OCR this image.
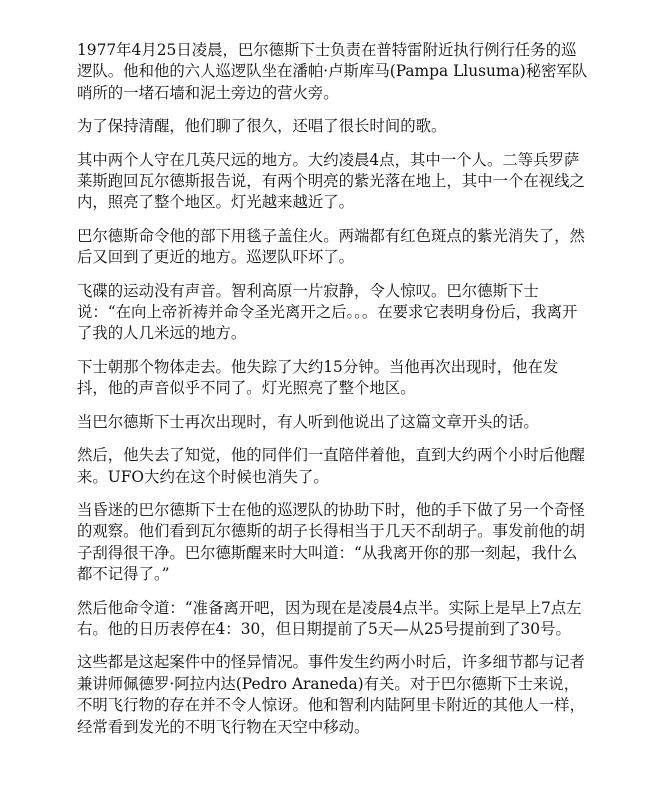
1977年4月25日凌晨，巴尔德斯下士负责在普特雷附近执行例行任务的巡逻队。他和他的六人巡逻队坐在潘帕·卢斯库马(Pampa Llusuma)秘密军队哨所的一堵石墙和泥土旁边的营火旁。

为了保持清醒，他们聊了很久，还唱了很长时间的歌。

其中两个人守在几英尺远的地方。大约凌晨4点，其中一个人。二等兵罗萨莱斯跑回瓦尔德斯报告说，有两个明亮的紫光落在地上，其中一个在视线之内，照亮了整个地区。灯光越来越近了。

巴尔德斯命令他的部下用毯子盖住火。两端都有红色斑点的紫光消失了，然后又回到了更近的地方。巡逻队吓坏了。

飞碟的运动没有声音。智利高原一片寂静，令人惊叹。巴尔德斯下士说：“在向上帝祈祷并命令圣光离开之后。。。在要求它表明身份后，我离开了我的人几米远的地方。

下士朝那个物体走去。他失踪了大约15分钟。当他再次出现时，他在发抖，他的声音似乎不同了。灯光照亮了整个地区。

当巴尔德斯下士再次出现时，有人听到他说出了这篇文章开头的话。

然后，他失去了知觉，他的同伴们一直陪伴着他，直到大约两个小时后他醒来。UFO大约在这个时候也消失了。

当昏迷的巴尔德斯下士在他的巡逻队的协助下时，他的手下做了另一个奇怪的观察。他们看到瓦尔德斯的胡子长得相当于几天不刮胡子。事发前他的胡子刮得很干净。巴尔德斯醒来时大叫道：“从我离开你的那一刻起，我什么都不记得了。”

然后他命令道：“准备离开吧，因为现在是凌晨4点半。实际上是早上7点左右。他的日历表停在4：30，但日期提前了5天—从25号提前到了30号。

这些都是这起案件中的怪异情况。事件发生约两小时后，许多细节都与记者兼讲师佩德罗·阿拉内达(Pedro Araneda)有关。对于巴尔德斯下士来说，不明飞行物的存在并不令人惊讶。他和智利内陆阿里卡附近的其他人一样，经常看到发光的不明飞行物在天空中移动。
